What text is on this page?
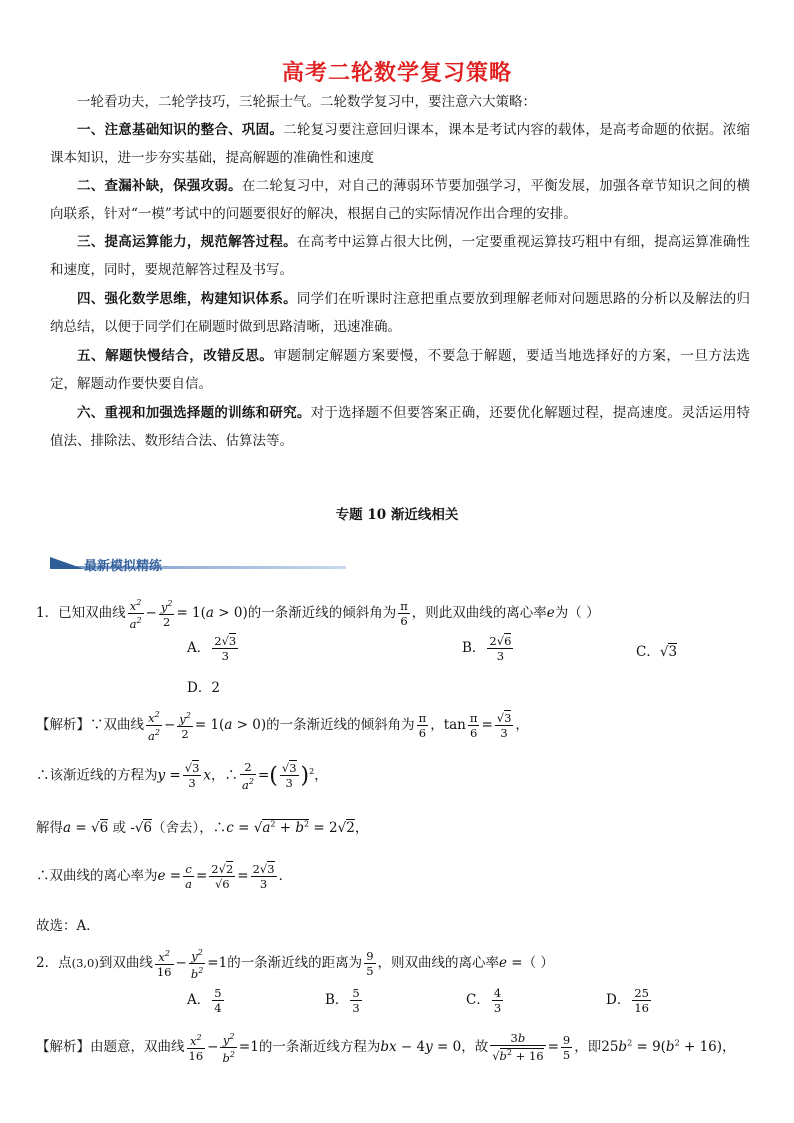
高考二轮数学复习策略
一轮看功夫，二轮学技巧，三轮振士气。二轮数学复习中，要注意六大策略：
一、注意基础知识的整合、巩固。二轮复习要注意回归课本，课本是考试内容的载体，是高考命题的依据。浓缩课本知识，进一步夯实基础，提高解题的准确性和速度
二、查漏补缺，保强攻弱。在二轮复习中，对自己的薄弱环节要加强学习，平衡发展，加强各章节知识之间的横向联系，针对“一模”考试中的问题要很好的解决，根据自己的实际情况作出合理的安排。
三、提高运算能力，规范解答过程。在高考中运算占很大比例，一定要重视运算技巧粗中有细，提高运算准确性和速度，同时，要规范解答过程及书写。
四、强化数学思维，构建知识体系。同学们在听课时注意把重点要放到理解老师对问题思路的分析以及解法的归纳总结，以便于同学们在刷题时做到思路清晰，迅速准确。
五、解题快慢结合，改错反思。审题制定解题方案要慢，不要急于解题，要适当地选择好的方案，一旦方法选定，解题动作要快要自信。
六、重视和加强选择题的训练和研究。对于选择题不但要答案正确，还要优化解题过程，提高速度。灵活运用特值法、排除法、数形结合法、估算法等。
专题 10 渐近线相关
最新模拟精练
1．已知双曲线 $\frac{x^2}{a^2} - \frac{y^2}{2} = 1(a > 0)$的一条渐近线的倾斜角为 $\frac{\pi}{6}$ ，则此双曲线的离心率e为（ ）
A． $\frac{2√3}{3}$	B． $\frac{2√6}{3}$	C．√3
D．2
【解析】∵双曲线 $\frac{x^2}{a^2} - \frac{y^2}{2} = 1(a > 0)$的一条渐近线的倾斜角为 $\frac{\pi}{6}$ ，$\tan \frac{\pi}{6} = \frac{√3}{3}$ ，
∴该渐近线的方程为$y = \frac{√3}{3}$ x，∴ $\frac{2}{a^2}$ =( $\frac{√3}{3} )^2$，
解得a = √6 或 -√6（舍去），∴c = $√a^2 + b^2 = 2√2$，
∴双曲线的离心率为$e = \frac{c}{a} = \frac{2√2}{√6} = \frac{2√3}{3}$ ．
故选：A．
2．点(3,0)到双曲线 $\frac{x^2}{16} - \frac{y^2}{b^2} =1$的一条渐近线的距离为 $\frac{9}{5}$ ，则双曲线的离心率e =（ ）
A． $\frac{5}{4}$	B． $\frac{5}{3}$	C． $\frac{4}{3}$	D． $\frac{25}{16}$
【解析】由题意，双曲线 $\frac{x^2}{16} - \frac{y^2}{b^2} =1$的一条渐近线方程为bx − 4y = 0，故 $\frac{3b}{√b^2 + 16} = \frac{9}{5}$ ，即$25b^2 = 9(b^2 + 16)$，
